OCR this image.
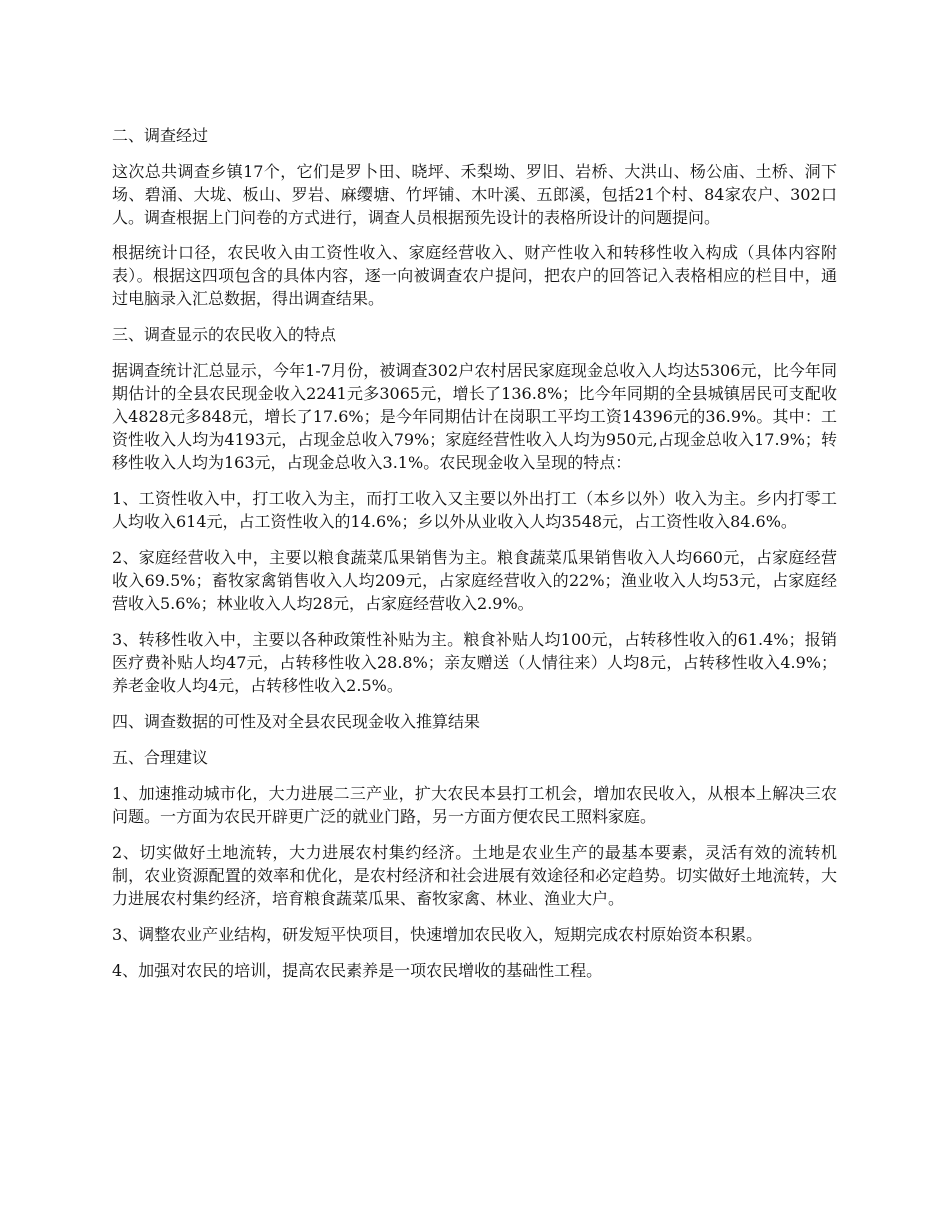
二、调查经过

这次总共调查乡镇17个，它们是罗卜田、晓坪、禾梨坳、罗旧、岩桥、大洪山、杨公庙、土桥、洞下场、碧涌、大垅、板山、罗岩、麻缨塘、竹坪铺、木叶溪、五郎溪，包括21个村、84家农户、302口人。调查根据上门问卷的方式进行，调查人员根据预先设计的表格所设计的问题提问。

根据统计口径，农民收入由工资性收入、家庭经营收入、财产性收入和转移性收入构成（具体内容附表）。根据这四项包含的具体内容，逐一向被调查农户提问，把农户的回答记入表格相应的栏目中，通过电脑录入汇总数据，得出调查结果。

三、调查显示的农民收入的特点

据调查统计汇总显示，今年1-7月份，被调查302户农村居民家庭现金总收入人均达5306元，比今年同期估计的全县农民现金收入2241元多3065元，增长了136.8%；比今年同期的全县城镇居民可支配收入4828元多848元，增长了17.6%；是今年同期估计在岗职工平均工资14396元的36.9%。其中：工资性收入人均为4193元，占现金总收入79%；家庭经营性收入人均为950元,占现金总收入17.9%；转移性收入人均为163元，占现金总收入3.1%。农民现金收入呈现的特点：

1、工资性收入中，打工收入为主，而打工收入又主要以外出打工（本乡以外）收入为主。乡内打零工人均收入614元，占工资性收入的14.6%；乡以外从业收入人均3548元，占工资性收入84.6%。

2、家庭经营收入中，主要以粮食蔬菜瓜果销售为主。粮食蔬菜瓜果销售收入人均660元，占家庭经营收入69.5%；畜牧家禽销售收入人均209元，占家庭经营收入的22%；渔业收入人均53元，占家庭经营收入5.6%；林业收入人均28元，占家庭经营收入2.9%。

3、转移性收入中，主要以各种政策性补贴为主。粮食补贴人均100元，占转移性收入的61.4%；报销医疗费补贴人均47元，占转移性收入28.8%；亲友赠送（人情往来）人均8元，占转移性收入4.9%；养老金收人均4元，占转移性收入2.5%。

四、调查数据的可性及对全县农民现金收入推算结果
五、合理建议

1、加速推动城市化，大力进展二三产业，扩大农民本县打工机会，增加农民收入，从根本上解决三农问题。一方面为农民开辟更广泛的就业门路，另一方面方便农民工照料家庭。

2、切实做好土地流转，大力进展农村集约经济。土地是农业生产的最基本要素，灵活有效的流转机制，农业资源配置的效率和优化，是农村经济和社会进展有效途径和必定趋势。切实做好土地流转，大力进展农村集约经济，培育粮食蔬菜瓜果、畜牧家禽、林业、渔业大户。

3、调整农业产业结构，研发短平快项目，快速增加农民收入，短期完成农村原始资本积累。

4、加强对农民的培训，提高农民素养是一项农民增收的基础性工程。
